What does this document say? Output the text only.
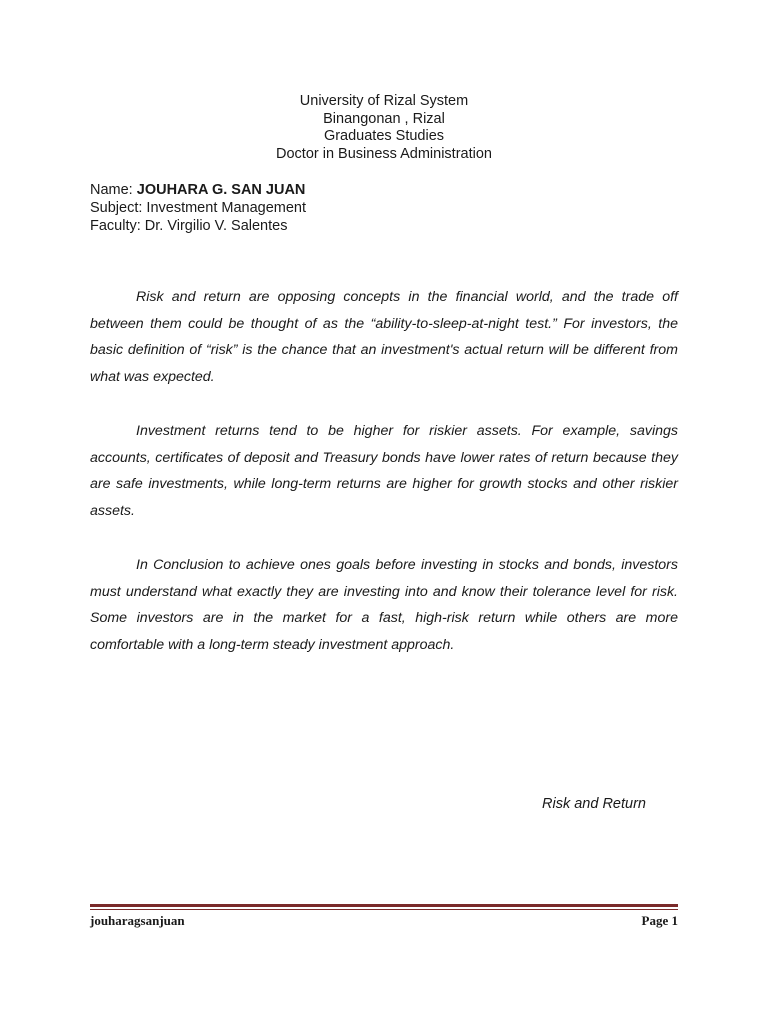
University of Rizal System
Binangonan , Rizal
Graduates Studies
Doctor in Business Administration
Name: JOUHARA G. SAN JUAN
Subject: Investment Management
Faculty: Dr. Virgilio V. Salentes

Risk and return are opposing concepts in the financial world, and the trade off between them could be thought of as the “ability-to-sleep-at-night test.” For investors, the basic definition of “risk” is the chance that an investment's actual return will be different from what was expected.

Investment returns tend to be higher for riskier assets. For example, savings accounts, certificates of deposit and Treasury bonds have lower rates of return because they are safe investments, while long-term returns are higher for growth stocks and other riskier assets.

In Conclusion to achieve ones goals before investing in stocks and bonds, investors must understand what exactly they are investing into and know their tolerance level for risk. Some investors are in the market for a fast, high-risk return while others are more comfortable with a long-term steady investment approach.

Risk and Return
jouharagsanjuan	Page 1
